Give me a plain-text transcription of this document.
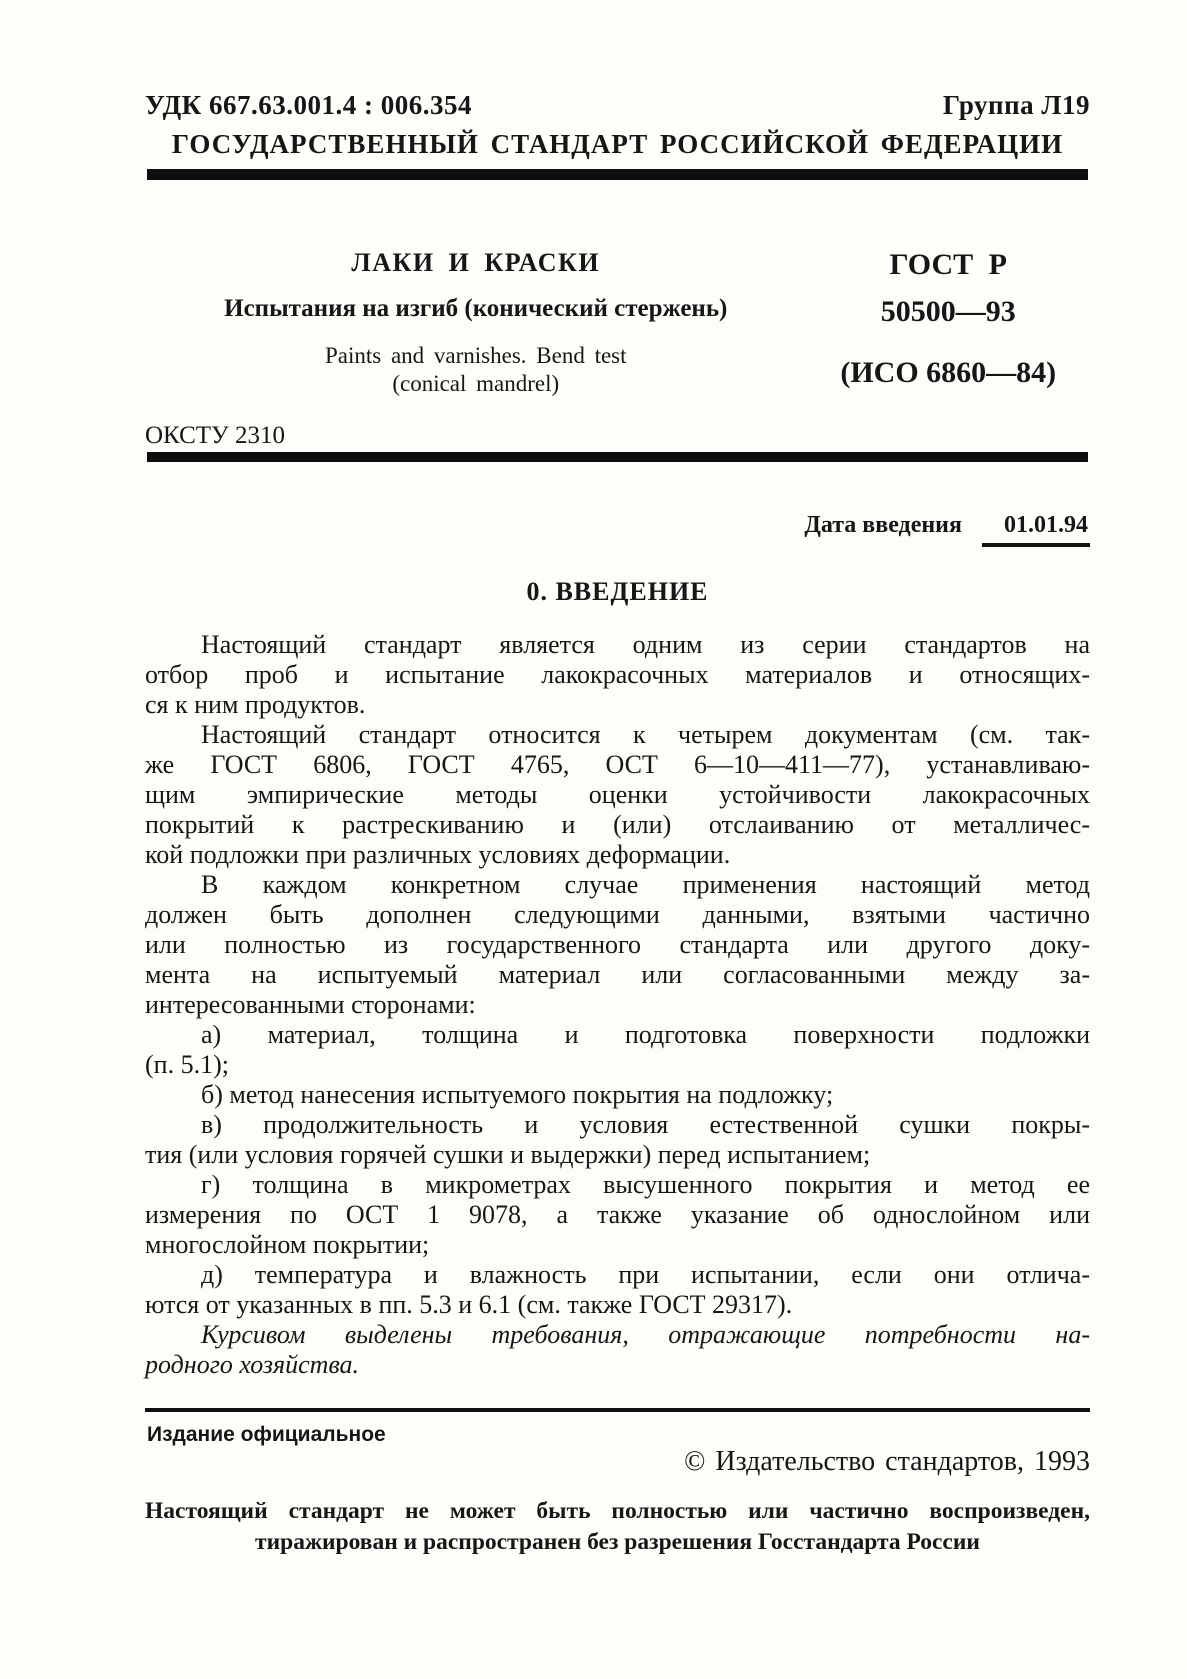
УДК 667.63.001.4 : 006.354	Группа Л19
ГОСУДАРСТВЕННЫЙ СТАНДАРТ РОССИЙСКОЙ ФЕДЕРАЦИИ
ЛАКИ И КРАСКИ
Испытания на изгиб (конический стержень)
Paints and varnishes. Bend test
(conical mandrel)
ГОСТ Р
50500—93
(ИСО 6860—84)
ОКСТУ 2310
Дата введения 01.01.94
0. ВВЕДЕНИЕ
Настоящий стандарт является одним из серии стандартов на
отбор проб и испытание лакокрасочных материалов и относящих-
ся к ним продуктов.
Настоящий стандарт относится к четырем документам (см. так-
же ГОСТ 6806, ГОСТ 4765, ОСТ 6—10—411—77), устанавливаю-
щим эмпирические методы оценки устойчивости лакокрасочных
покрытий к растрескиванию и (или) отслаиванию от металличес-
кой подложки при различных условиях деформации.
В каждом конкретном случае применения настоящий метод
должен быть дополнен следующими данными, взятыми частично
или полностью из государственного стандарта или другого доку-
мента на испытуемый материал или согласованными между за-
интересованными сторонами:
а) материал, толщина и подготовка поверхности подложки
(п. 5.1);
б) метод нанесения испытуемого покрытия на подложку;
в) продолжительность и условия естественной сушки покры-
тия (или условия горячей сушки и выдержки) перед испытанием;
г) толщина в микрометрах высушенного покрытия и метод ее
измерения по ОСТ 1 9078, а также указание об однослойном или
многослойном покрытии;
д) температура и влажность при испытании, если они отлича-
ются от указанных в пп. 5.3 и 6.1 (см. также ГОСТ 29317).
Курсивом выделены требования, отражающие потребности на-
родного хозяйства.
Издание официальное
© Издательство стандартов, 1993
Настоящий стандарт не может быть полностью или частично воспроизведен,
тиражирован и распространен без разрешения Госстандарта России
